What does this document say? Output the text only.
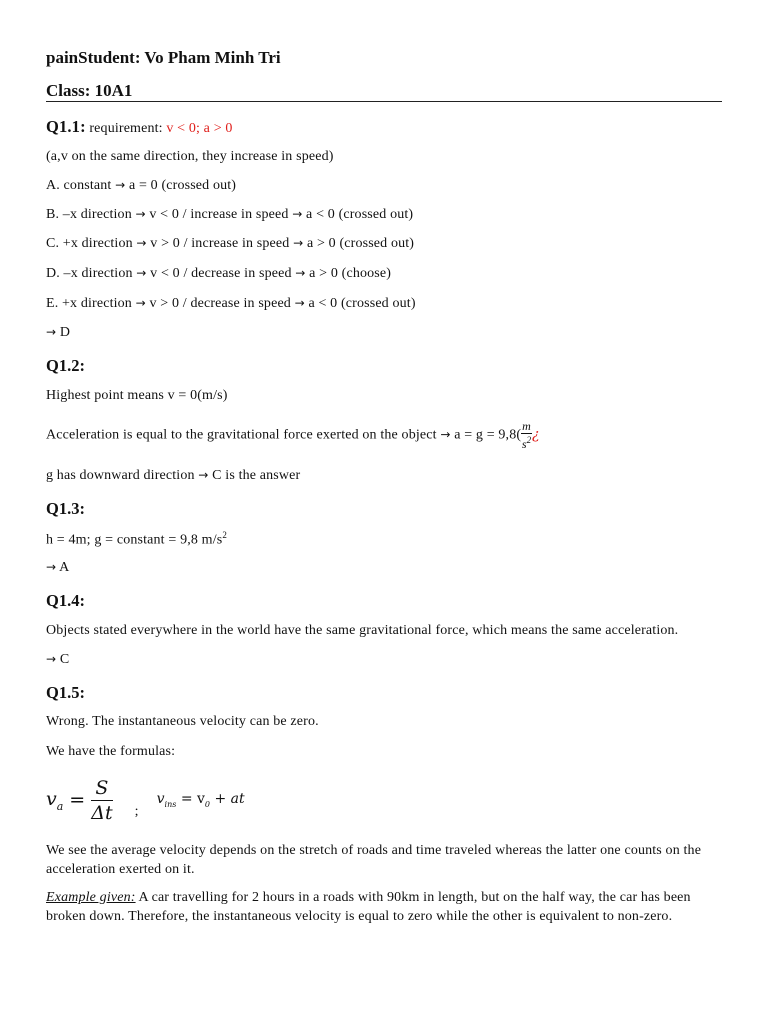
painStudent: Vo Pham Minh Tri
Class: 10A1
Q1.1: requirement: v < 0; a > 0
(a,v on the same direction, they increase in speed)
A. constant → a = 0 (crossed out)
B. –x direction → v < 0 / increase in speed → a < 0 (crossed out)
C. +x direction → v > 0 / increase in speed → a > 0 (crossed out)
D. –x direction → v < 0 / decrease in speed → a > 0 (choose)
E. +x direction → v > 0 / decrease in speed → a < 0 (crossed out)
→ D
Q1.2:
Highest point means v = 0(m/s)
Acceleration is equal to the gravitational force exerted on the object → $a = g = 9,8( \frac{m}{s^2}$ ¿
g has downward direction → C is the answer
Q1.3:
h = 4m; g = constant = 9,8 $m/s^2$
→ A
Q1.4:
Objects stated everywhere in the world have the same gravitational force, which means the same acceleration.
→ C
Q1.5:
Wrong. The instantaneous velocity can be zero.
We have the formulas:
$v_a = \frac{S}{\Delta t}$ ;
$v_{ins} = v_0$ + at
We see the average velocity depends on the stretch of roads and time traveled whereas the latter one counts on the acceleration exerted on it.
Example given: A car travelling for 2 hours in a roads with 90km in length, but on the half way, the car has been broken down. Therefore, the instantaneous velocity is equal to zero while the other is equivalent to non-zero.
